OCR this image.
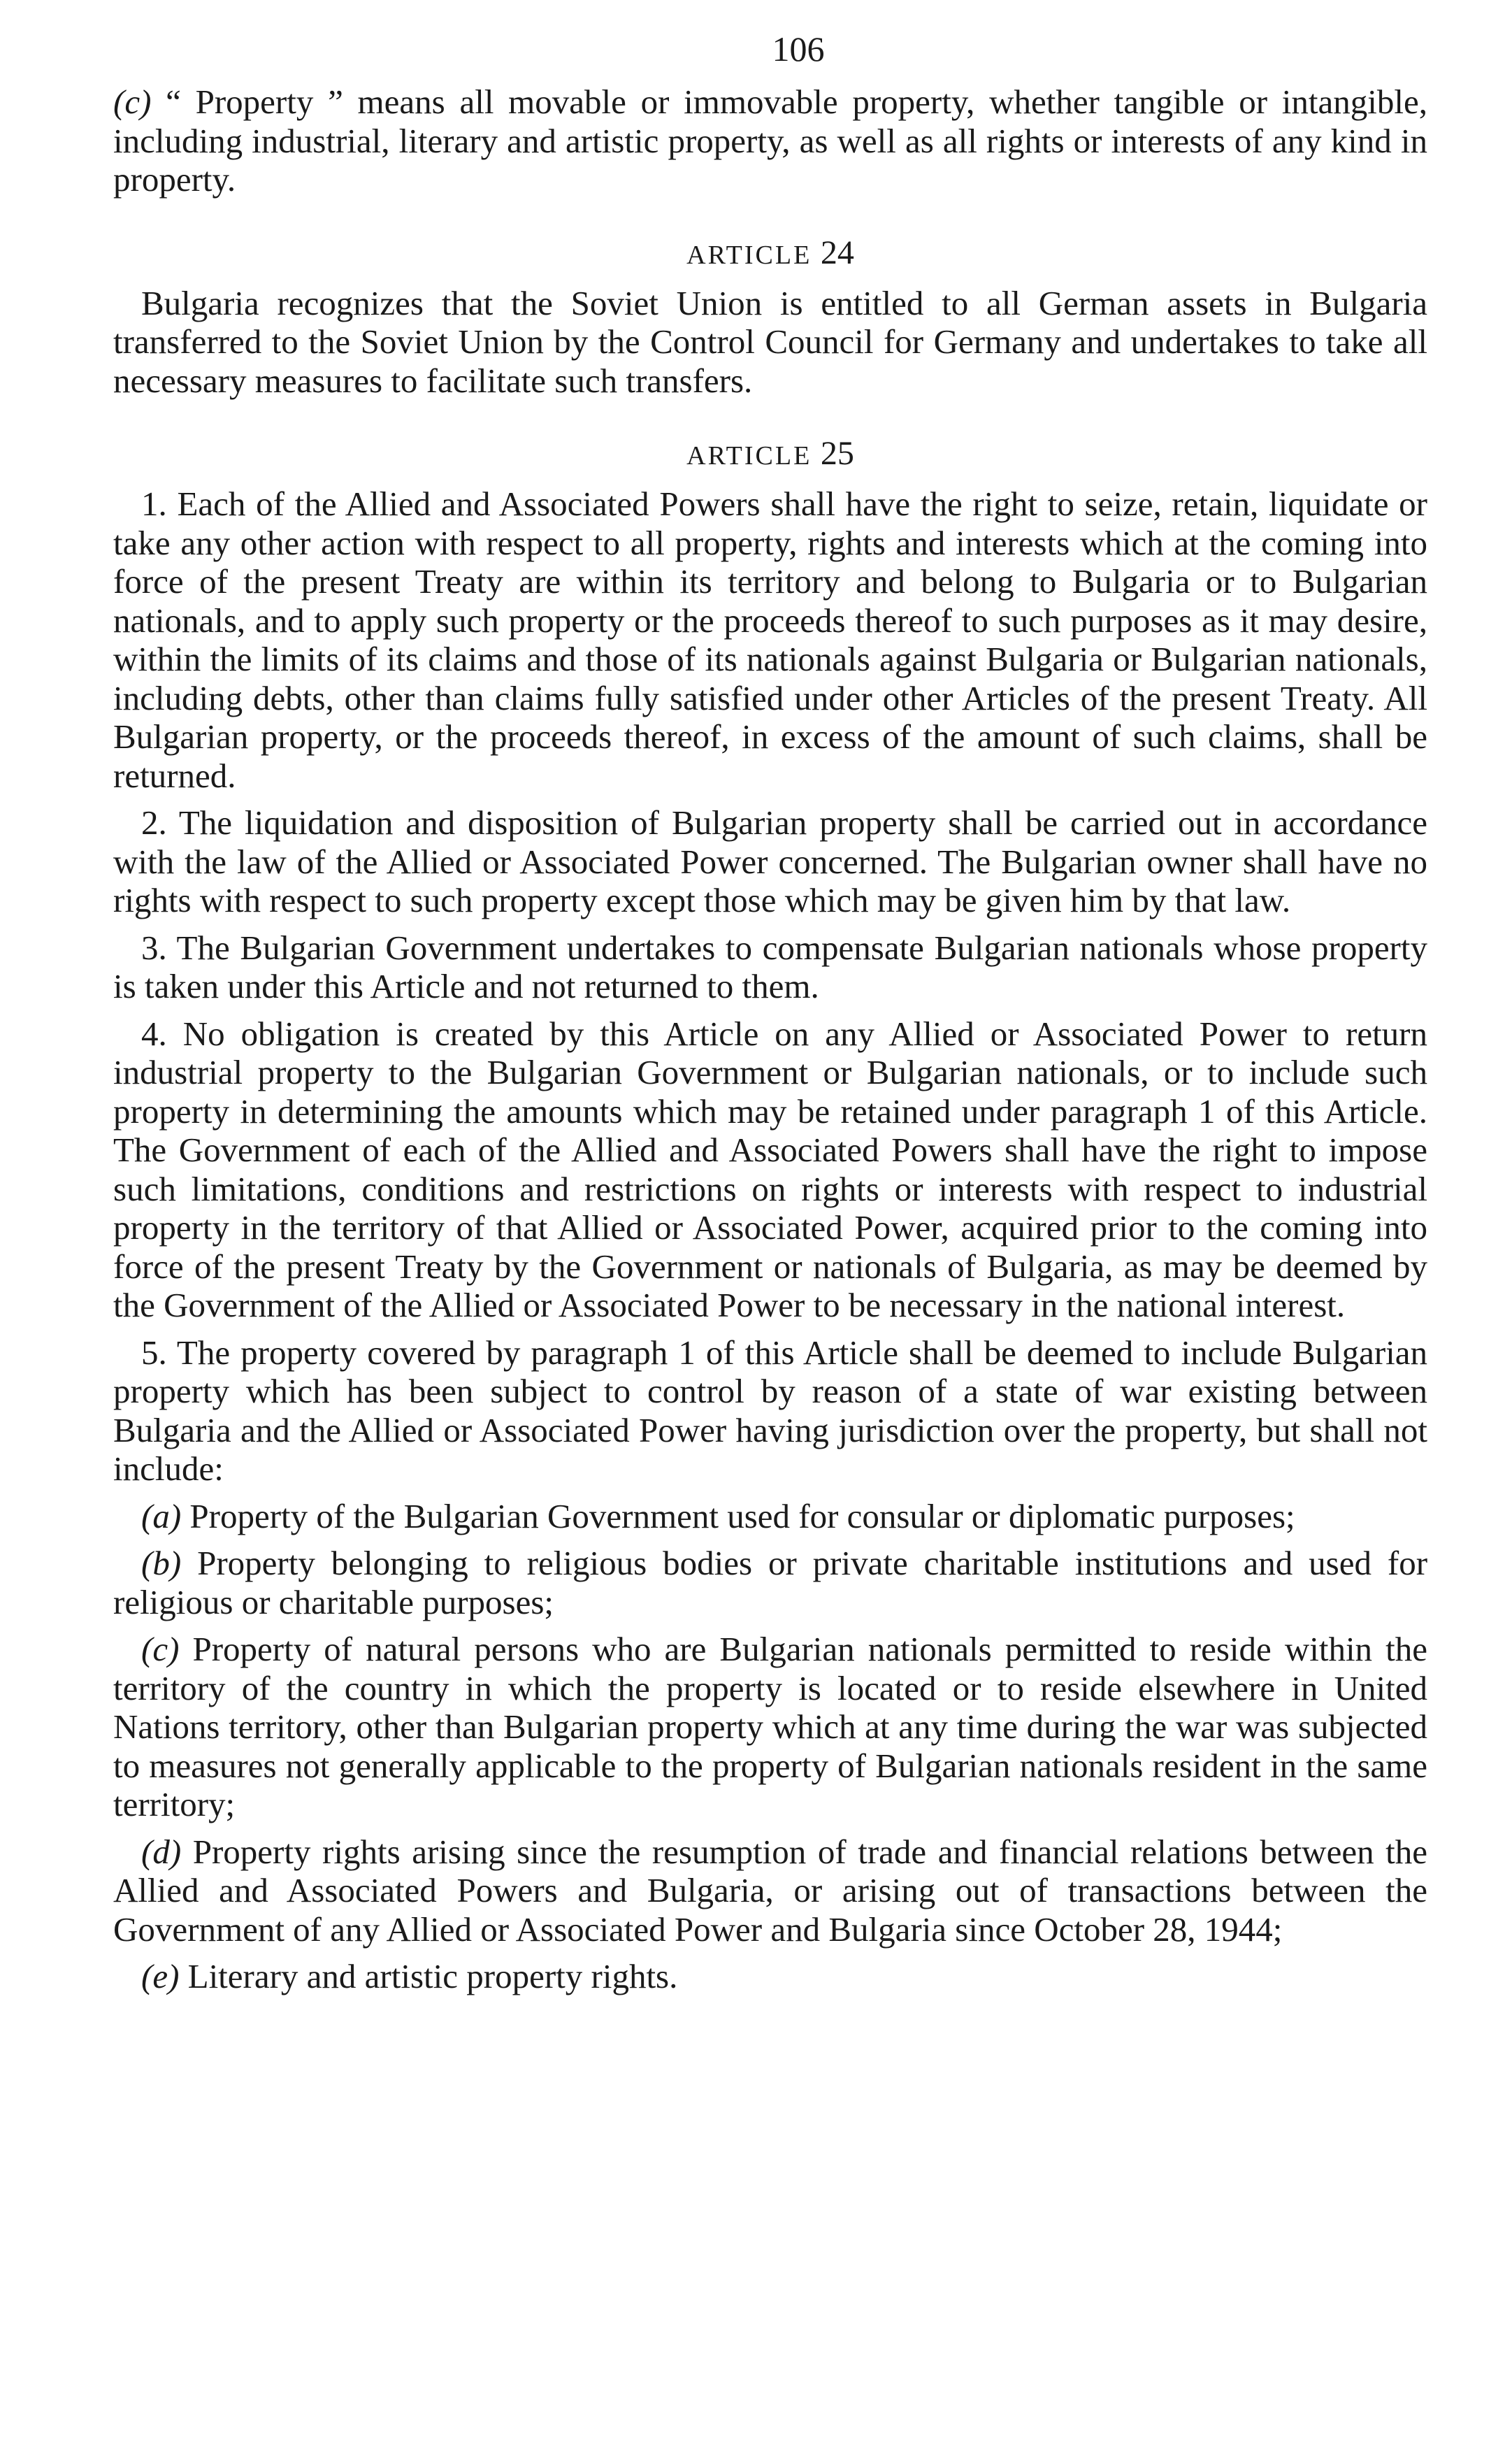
106

(c) “ Property ” means all movable or immovable property, whether tangible or intangible, including industrial, literary and artistic property, as well as all rights or interests of any kind in property.

ARTICLE 24

Bulgaria recognizes that the Soviet Union is entitled to all German assets in Bulgaria transferred to the Soviet Union by the Control Council for Germany and undertakes to take all necessary measures to facilitate such transfers.

ARTICLE 25

1. Each of the Allied and Associated Powers shall have the right to seize, retain, liquidate or take any other action with respect to all property, rights and interests which at the coming into force of the present Treaty are within its territory and belong to Bulgaria or to Bulgarian nationals, and to apply such property or the proceeds thereof to such purposes as it may desire, within the limits of its claims and those of its nationals against Bulgaria or Bulgarian nationals, including debts, other than claims fully satisfied under other Articles of the present Treaty. All Bulgarian property, or the proceeds thereof, in excess of the amount of such claims, shall be returned.

2. The liquidation and disposition of Bulgarian property shall be carried out in accordance with the law of the Allied or Associated Power concerned. The Bulgarian owner shall have no rights with respect to such property except those which may be given him by that law.

3. The Bulgarian Government undertakes to compensate Bulgarian nationals whose property is taken under this Article and not returned to them.

4. No obligation is created by this Article on any Allied or Associated Power to return industrial property to the Bulgarian Government or Bulgarian nationals, or to include such property in determining the amounts which may be retained under paragraph 1 of this Article. The Government of each of the Allied and Associated Powers shall have the right to impose such limitations, conditions and restrictions on rights or interests with respect to industrial property in the territory of that Allied or Associated Power, acquired prior to the coming into force of the present Treaty by the Government or nationals of Bulgaria, as may be deemed by the Government of the Allied or Associated Power to be necessary in the national interest.

5. The property covered by paragraph 1 of this Article shall be deemed to include Bulgarian property which has been subject to control by reason of a state of war existing between Bulgaria and the Allied or Associated Power having jurisdiction over the property, but shall not include:

(a) Property of the Bulgarian Government used for consular or diplomatic purposes;

(b) Property belonging to religious bodies or private charitable institutions and used for religious or charitable purposes;

(c) Property of natural persons who are Bulgarian nationals permitted to reside within the territory of the country in which the property is located or to reside elsewhere in United Nations territory, other than Bulgarian property which at any time during the war was subjected to measures not generally applicable to the property of Bulgarian nationals resident in the same territory;

(d) Property rights arising since the resumption of trade and financial relations between the Allied and Associated Powers and Bulgaria, or arising out of transactions between the Government of any Allied or Associated Power and Bulgaria since October 28, 1944;

(e) Literary and artistic property rights.
